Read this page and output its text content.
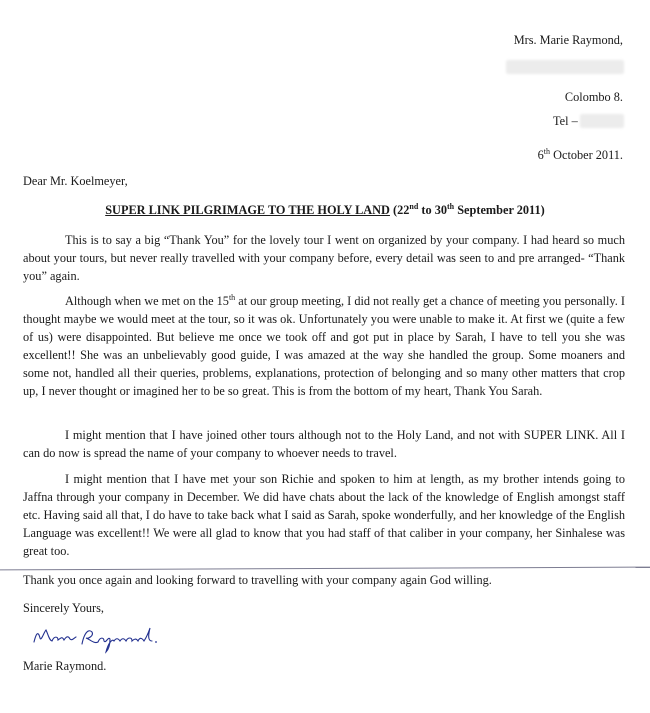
Mrs. Marie Raymond,
Colombo 8.
Tel –
6th October 2011.
Dear Mr. Koelmeyer,
SUPER LINK PILGRIMAGE TO THE HOLY LAND (22nd to 30th September 2011)
This is to say a big “Thank You” for the lovely tour I went on organized by your company. I had heard so much about your tours, but never really travelled with your company before, every detail was seen to and pre arranged- “Thank you” again.
Although when we met on the 15th at our group meeting, I did not really get a chance of meeting you personally. I thought maybe we would meet at the tour, so it was ok. Unfortunately you were unable to make it. At first we (quite a few of us) were disappointed. But believe me once we took off and got put in place by Sarah, I have to tell you she was excellent!! She was an unbelievably good guide, I was amazed at the way she handled the group. Some moaners and some not, handled all their queries, problems, explanations, protection of belonging and so many other matters that crop up, I never thought or imagined her to be so great. This is from the bottom of my heart, Thank You Sarah.
I might mention that I have joined other tours although not to the Holy Land, and not with SUPER LINK. All I can do now is spread the name of your company to whoever needs to travel.
I might mention that I have met your son Richie and spoken to him at length, as my brother intends going to Jaffna through your company in December. We did have chats about the lack of the knowledge of English amongst staff etc. Having said all that, I do have to take back what I said as Sarah, spoke wonderfully, and her knowledge of the English Language was excellent!! We were all glad to know that you had staff of that caliber in your company, her Sinhalese was great too.
Thank you once again and looking forward to travelling with your company again God willing.
Sincerely Yours,
Marie Raymond.
